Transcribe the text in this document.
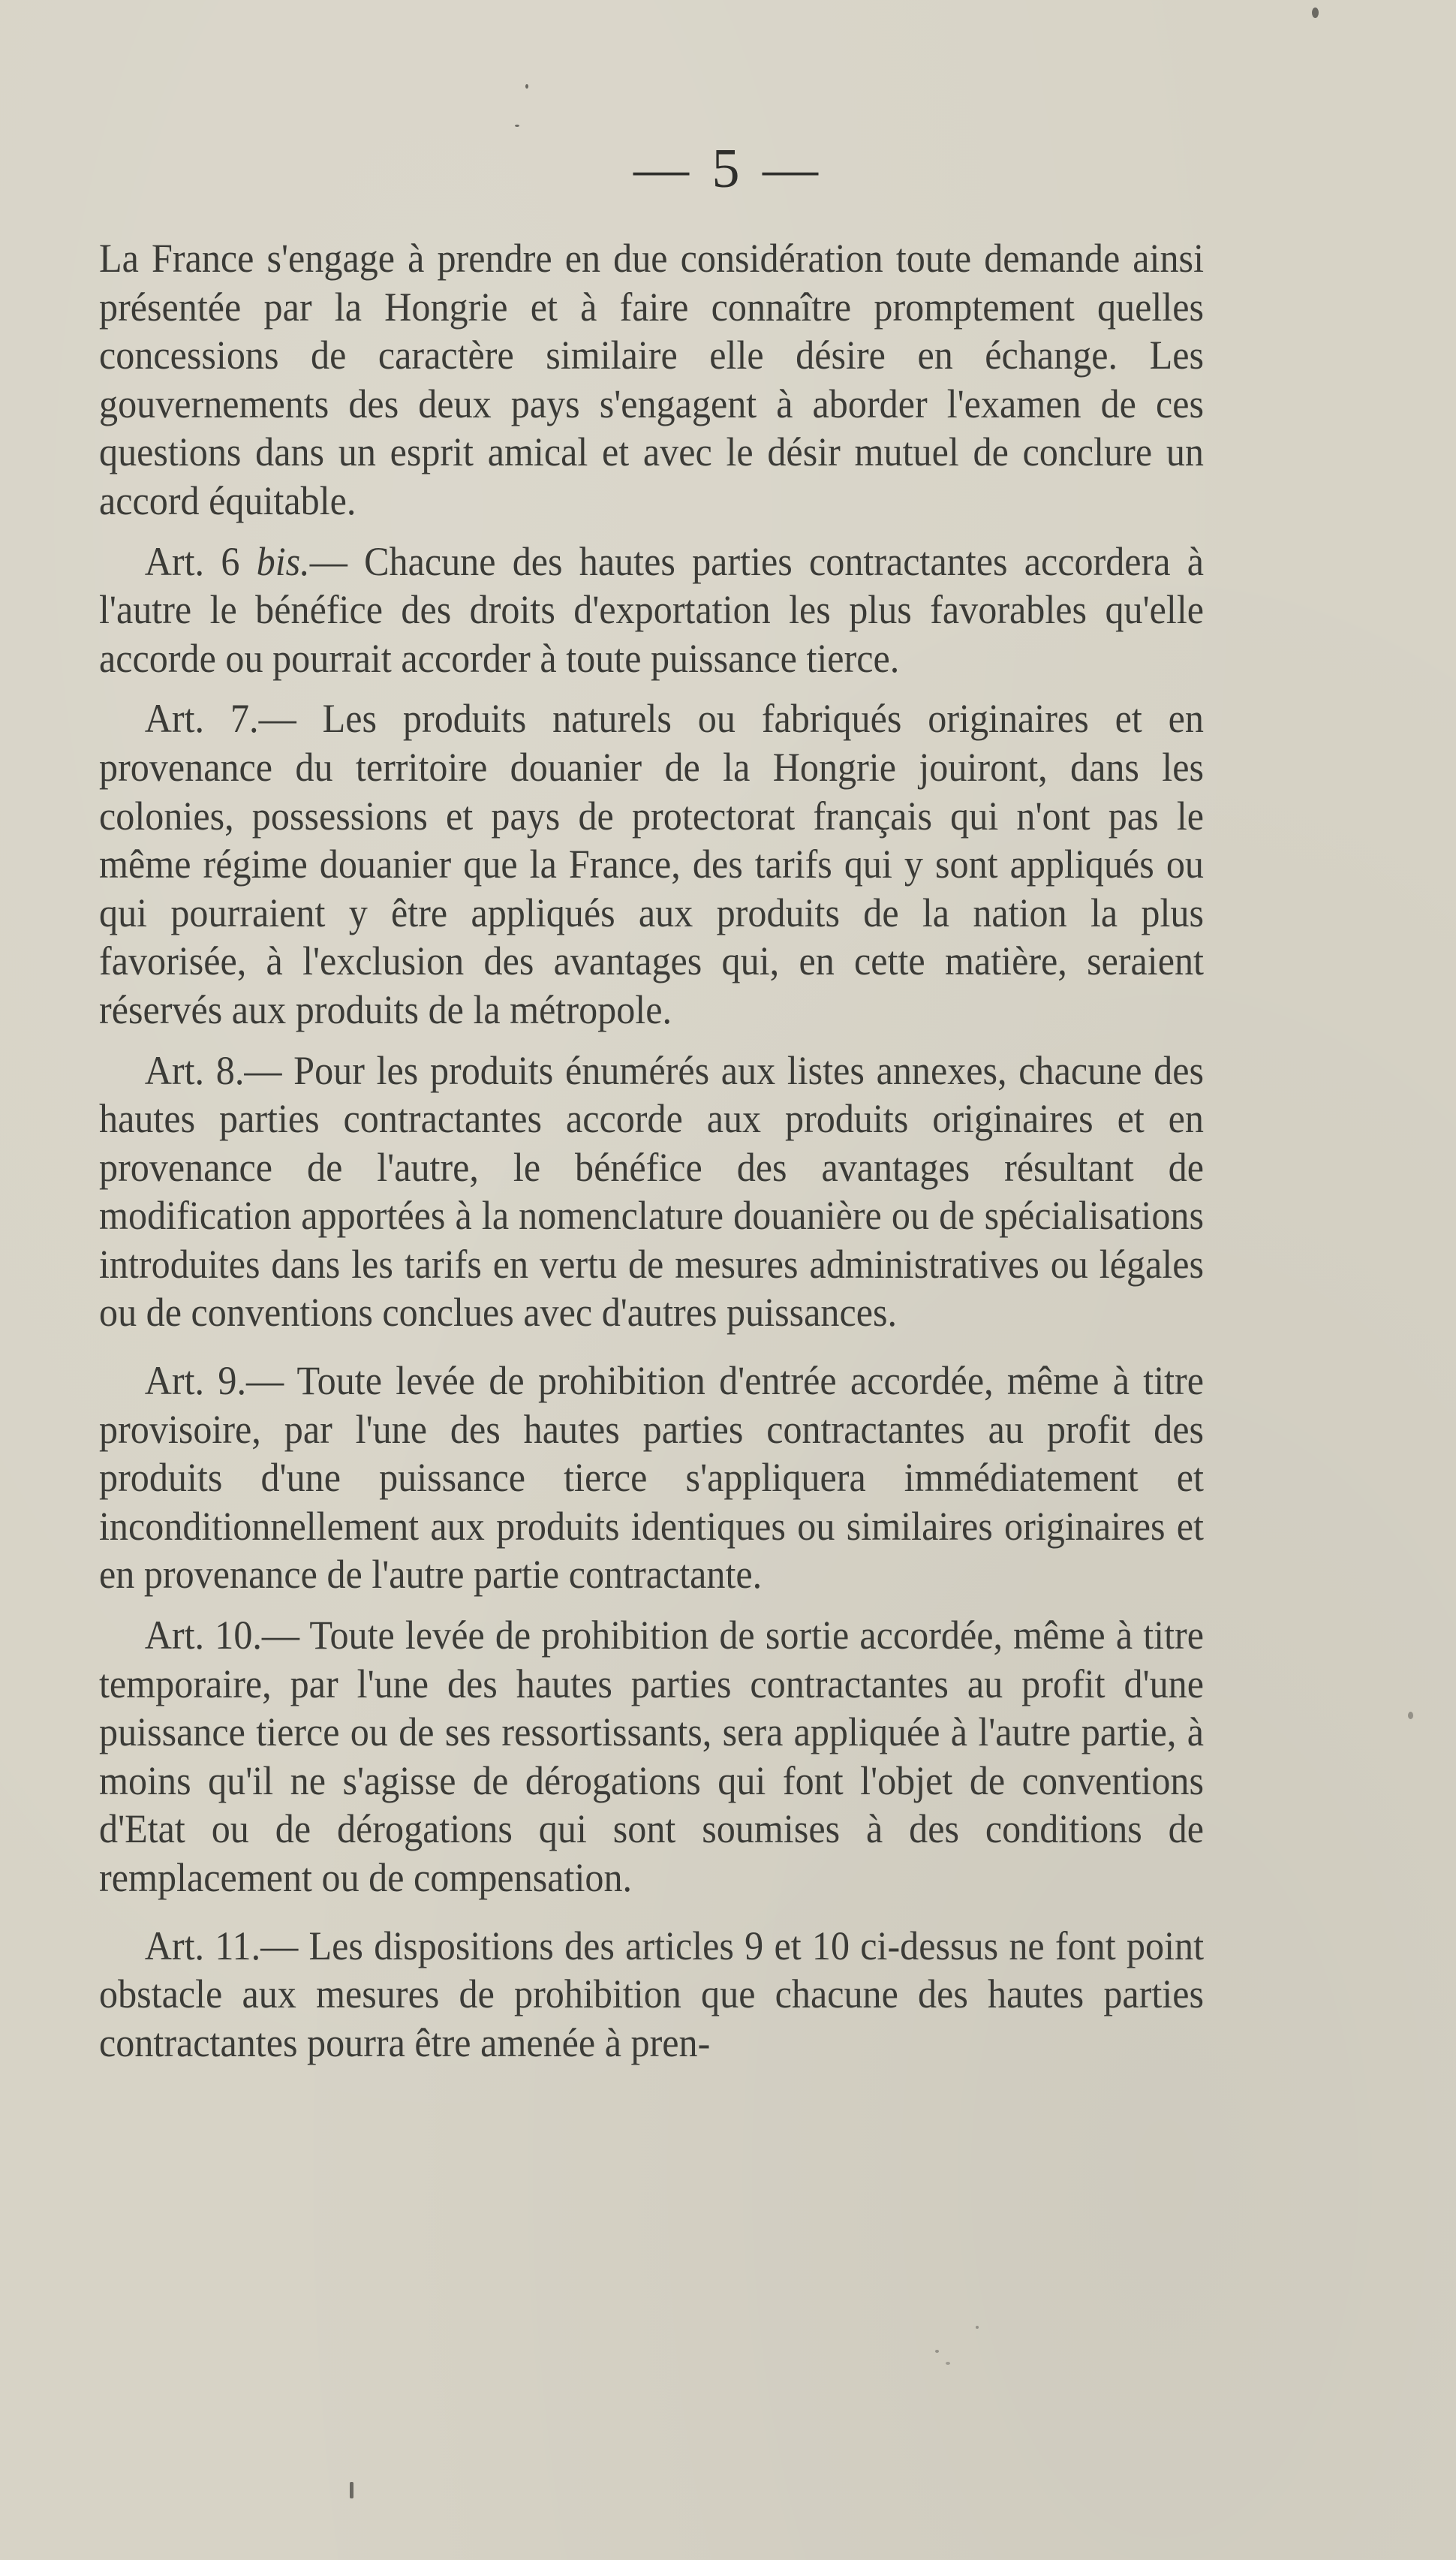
— 5 —

La France s'engage à prendre en due considération toute demande ainsi présentée par la Hongrie et à faire connaître promptement quelles concessions de caractère similaire elle désire en échange. Les gouvernements des deux pays s'engagent à aborder l'examen de ces questions dans un esprit amical et avec le désir mutuel de conclure un accord équitable.

Art. 6 bis.— Chacune des hautes parties contractantes accordera à l'autre le bénéfice des droits d'exportation les plus favorables qu'elle accorde ou pourrait accorder à toute puissance tierce.

Art. 7.— Les produits naturels ou fabriqués originaires et en provenance du territoire douanier de la Hongrie jouiront, dans les colonies, possessions et pays de protectorat français qui n'ont pas le même régime douanier que la France, des tarifs qui y sont appliqués ou qui pourraient y être appliqués aux produits de la nation la plus favorisée, à l'exclusion des avantages qui, en cette matière, seraient réservés aux produits de la métropole.

Art. 8.— Pour les produits énumérés aux listes annexes, chacune des hautes parties contractantes accorde aux produits originaires et en provenance de l'autre, le bénéfice des avantages résultant de modification apportées à la nomenclature douanière ou de spécialisations introduites dans les tarifs en vertu de mesures administratives ou légales ou de conventions conclues avec d'autres puissances.

Art. 9.— Toute levée de prohibition d'entrée accordée, même à titre provisoire, par l'une des hautes parties contractantes au profit des produits d'une puissance tierce s'appliquera immédiatement et inconditionnellement aux produits identiques ou similaires originaires et en provenance de l'autre partie contractante.

Art. 10.— Toute levée de prohibition de sortie accordée, même à titre temporaire, par l'une des hautes parties contractantes au profit d'une puissance tierce ou de ses ressortissants, sera appliquée à l'autre partie, à moins qu'il ne s'agisse de dérogations qui font l'objet de conventions d'Etat ou de dérogations qui sont soumises à des conditions de remplacement ou de compensation.

Art. 11.— Les dispositions des articles 9 et 10 ci-dessus ne font point obstacle aux mesures de prohibition que chacune des hautes parties contractantes pourra être amenée à pren-
